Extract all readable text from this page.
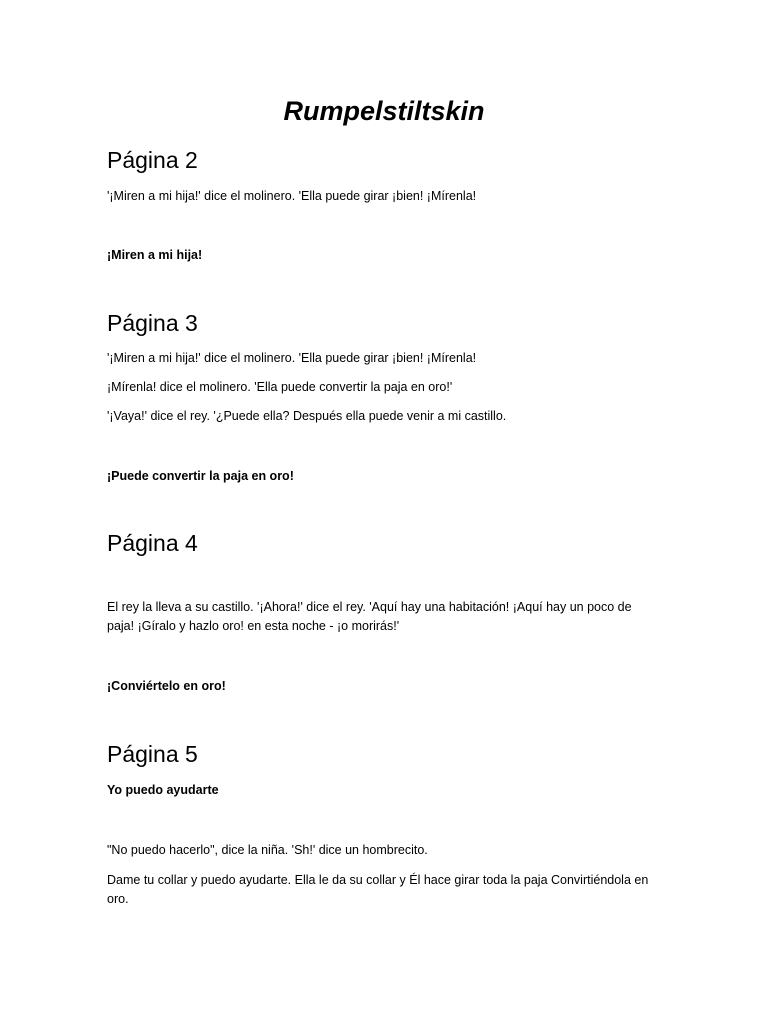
Rumpelstiltskin
Página 2

'¡Miren a mi hija!' dice el molinero. 'Ella puede girar ¡bien! ¡Mírenla!

¡Miren a mi hija!

Página 3

'¡Miren a mi hija!' dice el molinero. 'Ella puede girar ¡bien! ¡Mírenla!

¡Mírenla! dice el molinero. 'Ella puede convertir la paja en oro!'

'¡Vaya!' dice el rey. '¿Puede ella? Después ella puede venir a mi castillo.

¡Puede convertir la paja en oro!

Página 4

El rey la lleva a su castillo. '¡Ahora!' dice el rey. 'Aquí hay una habitación! ¡Aquí hay un poco de paja! ¡Gíralo y hazlo oro! en esta noche - ¡o morirás!'

¡Conviértelo en oro!

Página 5

Yo puedo ayudarte

"No puedo hacerlo", dice la niña. 'Sh!' dice un hombrecito.

Dame tu collar y puedo ayudarte. Ella le da su collar y Él hace girar toda la paja Convirtiéndola en oro.
